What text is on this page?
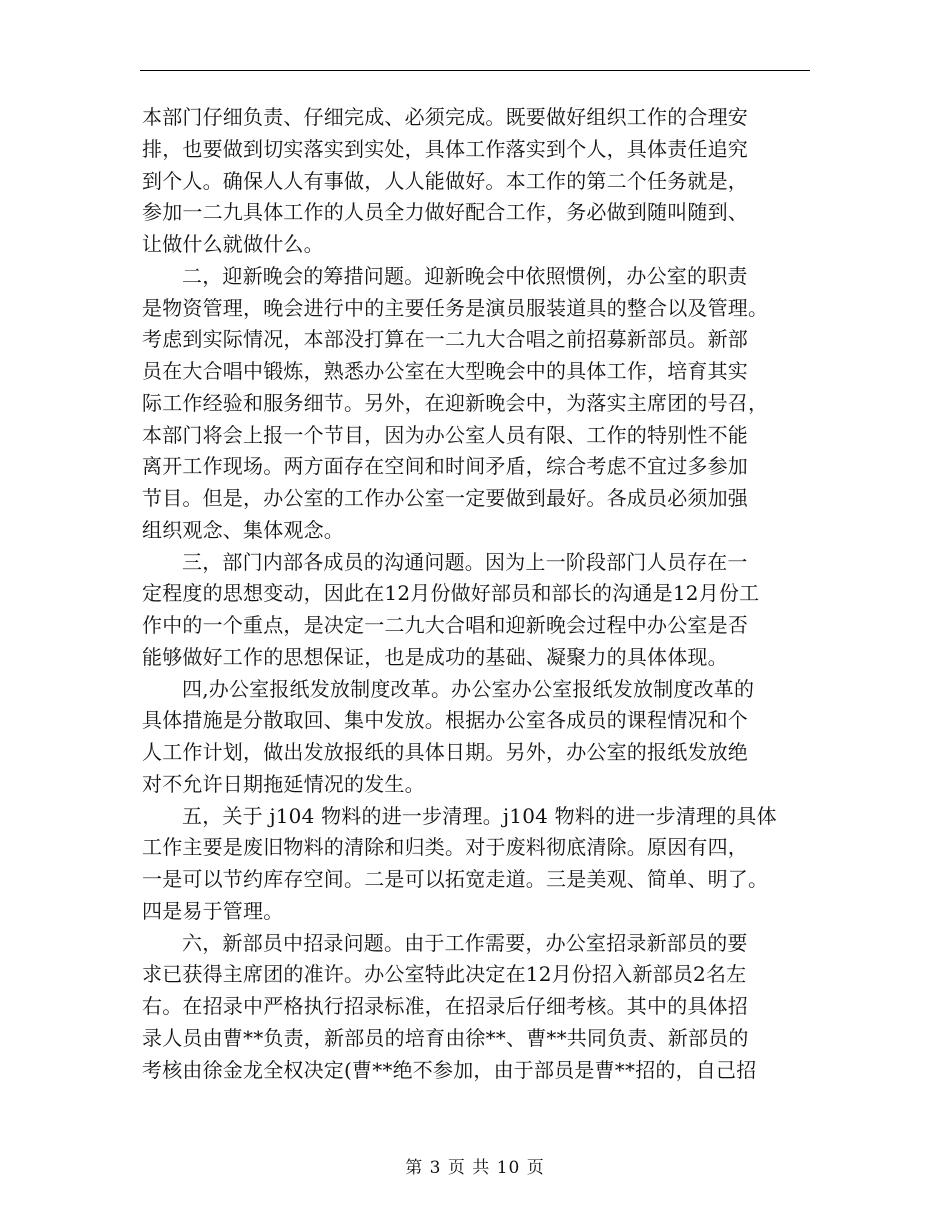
本部门仔细负责、仔细完成、必须完成。既要做好组织工作的合理安
排，也要做到切实落实到实处，具体工作落实到个人，具体责任追究
到个人。确保人人有事做，人人能做好。本工作的第二个任务就是，
参加一二九具体工作的人员全力做好配合工作，务必做到随叫随到、
让做什么就做什么。
二，迎新晚会的筹措问题。迎新晚会中依照惯例，办公室的职责
是物资管理，晚会进行中的主要任务是演员服装道具的整合以及管理。
考虑到实际情况，本部没打算在一二九大合唱之前招募新部员。新部
员在大合唱中锻炼，熟悉办公室在大型晚会中的具体工作，培育其实
际工作经验和服务细节。另外，在迎新晚会中，为落实主席团的号召，
本部门将会上报一个节目，因为办公室人员有限、工作的特别性不能
离开工作现场。两方面存在空间和时间矛盾，综合考虑不宜过多参加
节目。但是，办公室的工作办公室一定要做到最好。各成员必须加强
组织观念、集体观念。
三，部门内部各成员的沟通问题。因为上一阶段部门人员存在一
定程度的思想变动，因此在12月份做好部员和部长的沟通是12月份工
作中的一个重点，是决定一二九大合唱和迎新晚会过程中办公室是否
能够做好工作的思想保证，也是成功的基础、凝聚力的具体体现。
四,办公室报纸发放制度改革。办公室办公室报纸发放制度改革的
具体措施是分散取回、集中发放。根据办公室各成员的课程情况和个
人工作计划，做出发放报纸的具体日期。另外，办公室的报纸发放绝
对不允许日期拖延情况的发生。
五，关于 j104 物料的进一步清理。j104 物料的进一步清理的具体
工作主要是废旧物料的清除和归类。对于废料彻底清除。原因有四，
一是可以节约库存空间。二是可以拓宽走道。三是美观、简单、明了。
四是易于管理。
六，新部员中招录问题。由于工作需要，办公室招录新部员的要
求已获得主席团的准许。办公室特此决定在12月份招入新部员2名左
右。在招录中严格执行招录标准，在招录后仔细考核。其中的具体招
录人员由曹**负责，新部员的培育由徐**、曹**共同负责、新部员的
考核由徐金龙全权决定(曹**绝不参加，由于部员是曹**招的，自己招
第 3 页 共 10 页
